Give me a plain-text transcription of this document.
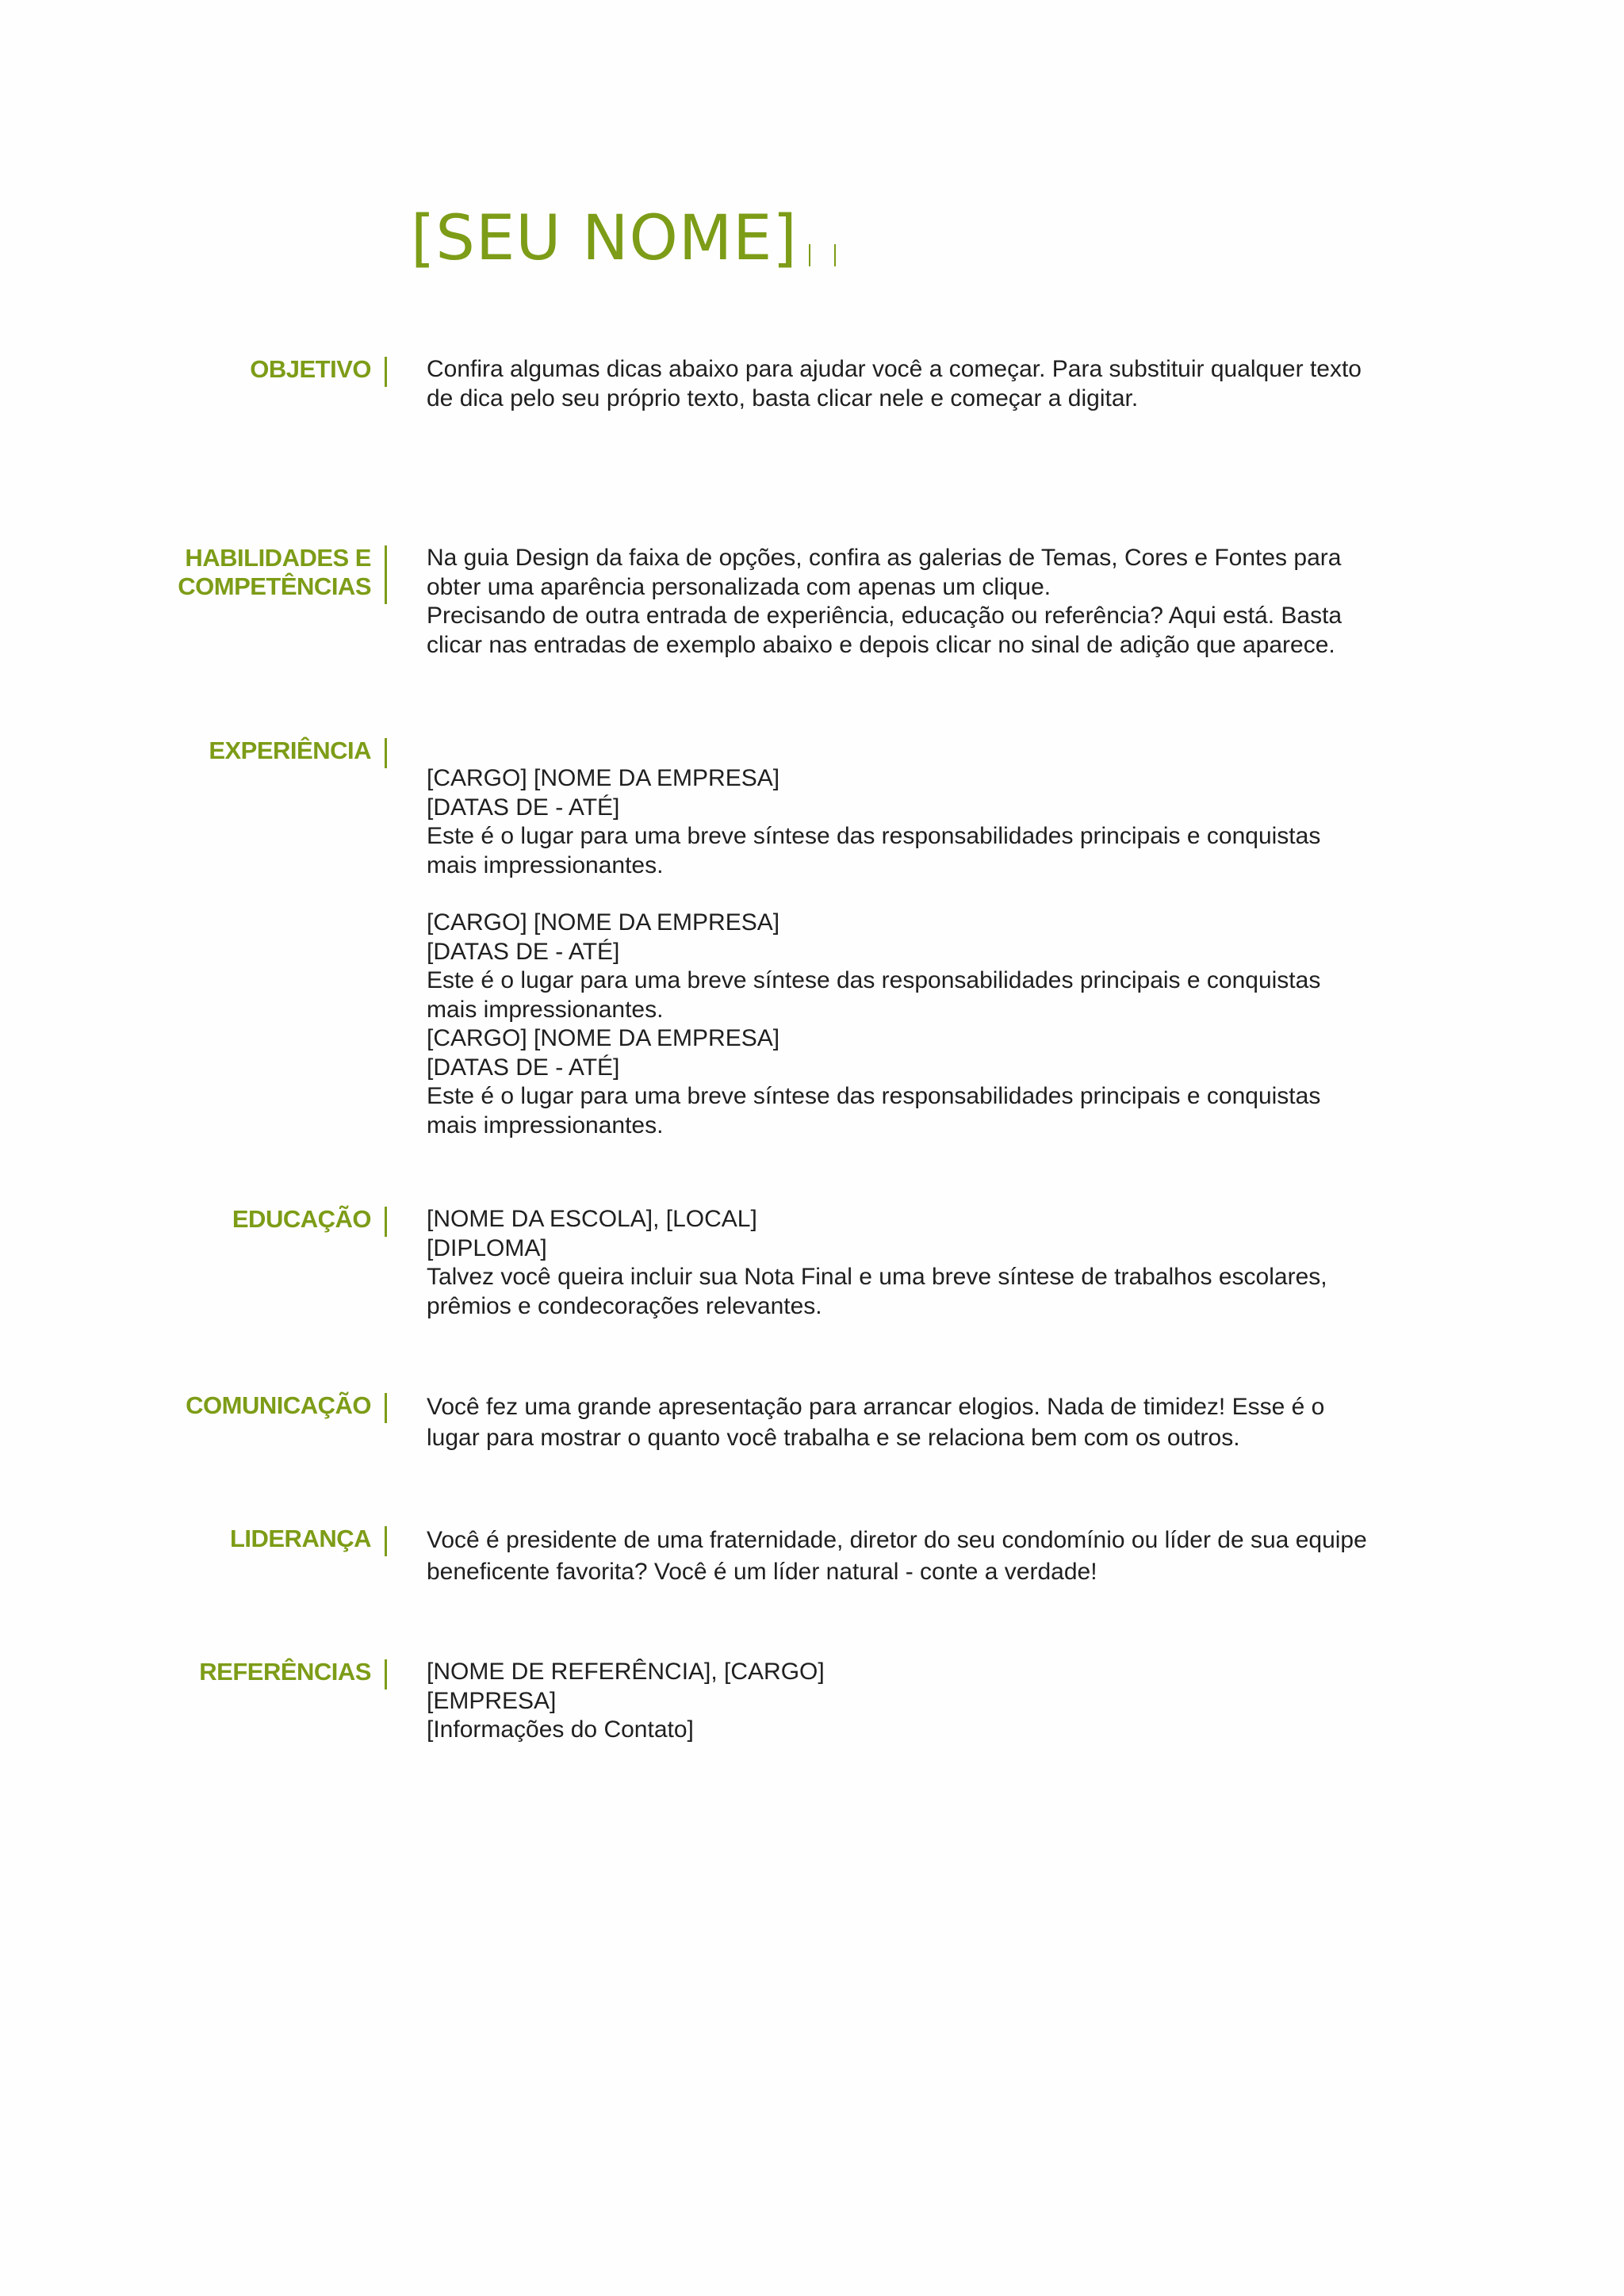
[SEU NOME]
OBJETIVO Confira algumas dicas abaixo para ajudar você a começar. Para substituir qualquer texto

de dica pelo seu próprio texto, basta clicar nele e começar a digitar.

HABILIDADES E
COMPETÊNCIAS

Na guia Design da faixa de opções, confira as galerias de Temas, Cores e Fontes para

obter uma aparência personalizada com apenas um clique.

Precisando de outra entrada de experiência, educação ou referência? Aqui está. Basta

clicar nas entradas de exemplo abaixo e depois clicar no sinal de adição que aparece.

EXPERIÊNCIA

[CARGO] [NOME DA EMPRESA]

[DATAS DE - ATÉ]

Este é o lugar para uma breve síntese das responsabilidades principais e conquistas

mais impressionantes.

[CARGO] [NOME DA EMPRESA]

[DATAS DE - ATÉ]

Este é o lugar para uma breve síntese das responsabilidades principais e conquistas

mais impressionantes.

[CARGO] [NOME DA EMPRESA]

[DATAS DE - ATÉ]

Este é o lugar para uma breve síntese das responsabilidades principais e conquistas

mais impressionantes.

EDUCAÇÃO [NOME DA ESCOLA], [LOCAL]

[DIPLOMA]

Talvez você queira incluir sua Nota Final e uma breve síntese de trabalhos escolares,

prêmios e condecorações relevantes.

COMUNICAÇÃO Você fez uma grande apresentação para arrancar elogios. Nada de timidez! Esse é o

lugar para mostrar o quanto você trabalha e se relaciona bem com os outros.

LIDERANÇA Você é presidente de uma fraternidade, diretor do seu condomínio ou líder de sua equipe

beneficente favorita? Você é um líder natural - conte a verdade!

REFERÊNCIAS [NOME DE REFERÊNCIA], [CARGO]

[EMPRESA]

[Informações do Contato]
